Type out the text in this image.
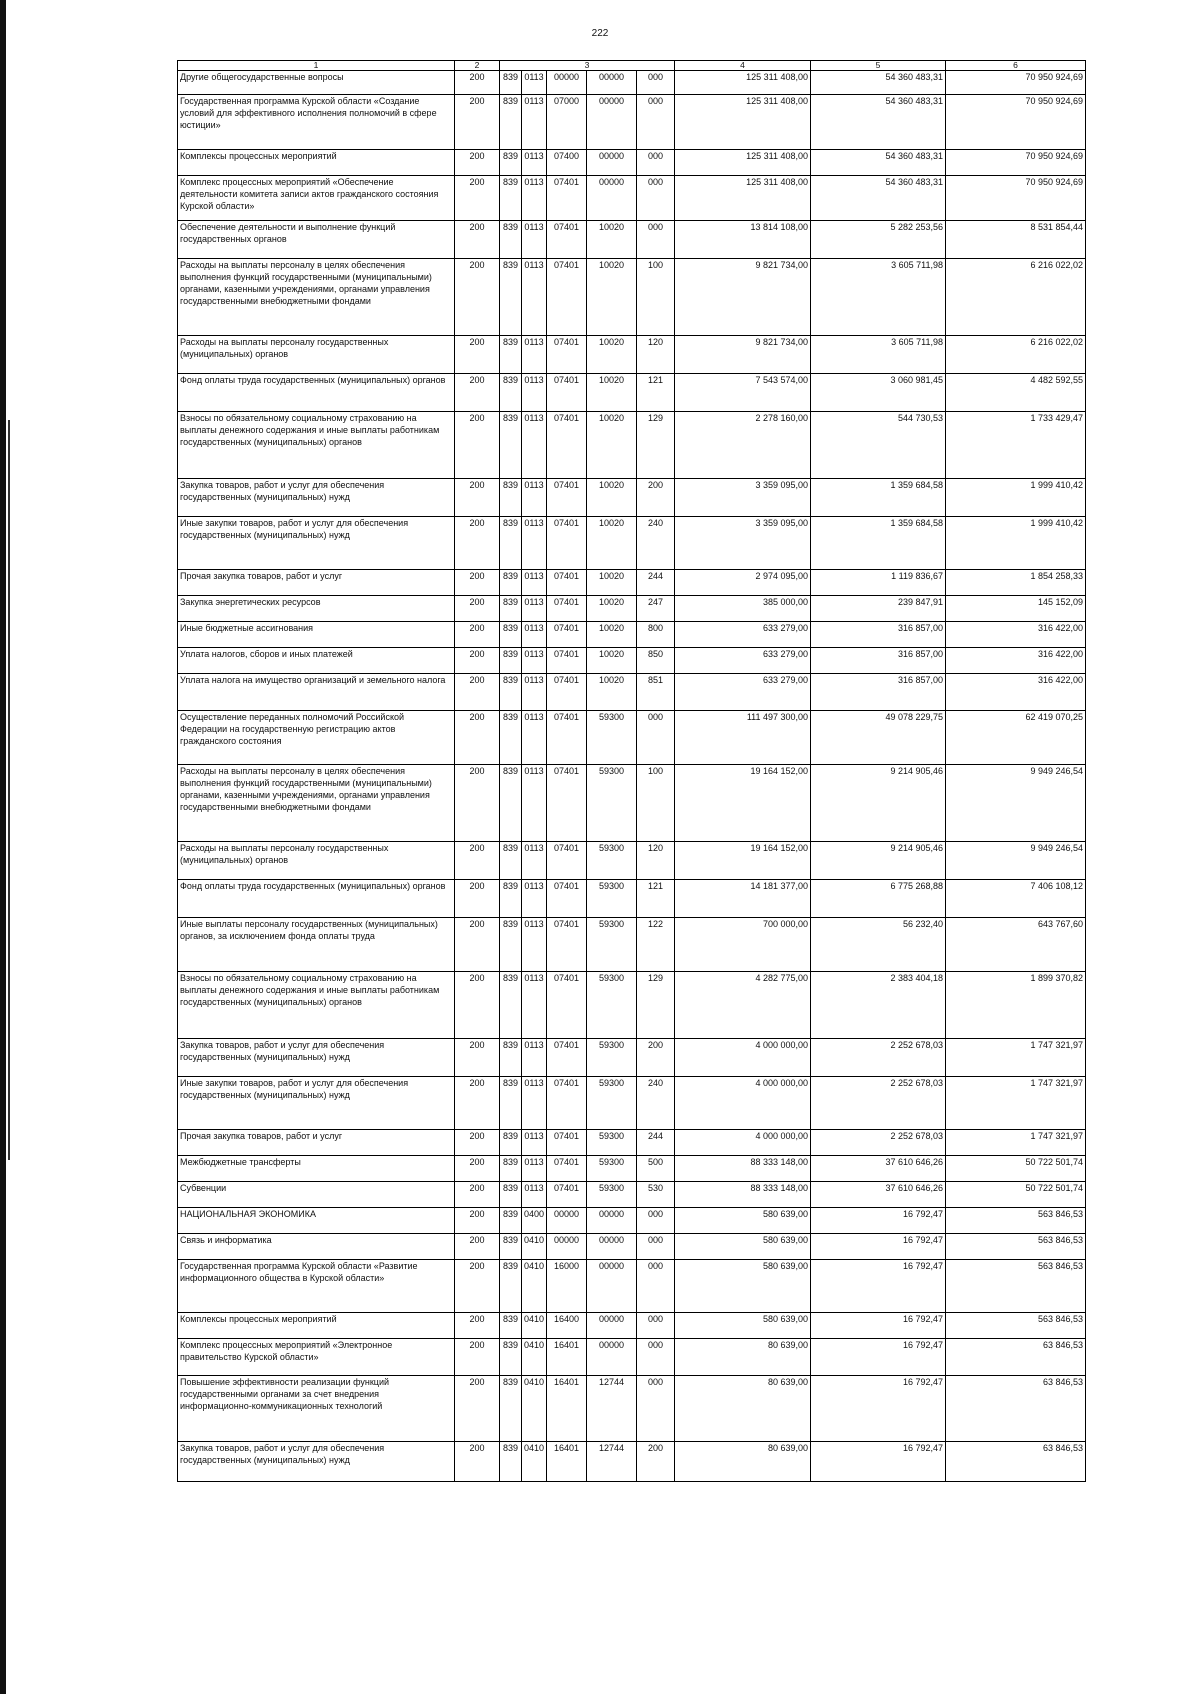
222
1	2	3					4	5	6
Другие общегосударственные вопросы	200	839	0113	00000	00000	000	125 311 408,00	54 360 483,31	70 950 924,69
Государственная программа Курской области «Создание условий для эффективного исполнения полномочий в сфере юстиции»	200	839	0113	07000	00000	000	125 311 408,00	54 360 483,31	70 950 924,69
Комплексы процессных мероприятий	200	839	0113	07400	00000	000	125 311 408,00	54 360 483,31	70 950 924,69
Комплекс процессных мероприятий «Обеспечение деятельности комитета записи актов гражданского состояния Курской области»	200	839	0113	07401	00000	000	125 311 408,00	54 360 483,31	70 950 924,69
Обеспечение деятельности и выполнение функций государственных органов	200	839	0113	07401	10020	000	13 814 108,00	5 282 253,56	8 531 854,44
Расходы на выплаты персоналу в целях обеспечения выполнения функций государственными (муниципальными) органами, казенными учреждениями, органами управления государственными внебюджетными фондами	200	839	0113	07401	10020	100	9 821 734,00	3 605 711,98	6 216 022,02
Расходы на выплаты персоналу государственных (муниципальных) органов	200	839	0113	07401	10020	120	9 821 734,00	3 605 711,98	6 216 022,02
Фонд оплаты труда государственных (муниципальных) органов	200	839	0113	07401	10020	121	7 543 574,00	3 060 981,45	4 482 592,55
Взносы по обязательному социальному страхованию на выплаты денежного содержания и иные выплаты работникам государственных (муниципальных) органов	200	839	0113	07401	10020	129	2 278 160,00	544 730,53	1 733 429,47
Закупка товаров, работ и услуг для обеспечения государственных (муниципальных) нужд	200	839	0113	07401	10020	200	3 359 095,00	1 359 684,58	1 999 410,42
Иные закупки товаров, работ и услуг для обеспечения государственных (муниципальных) нужд	200	839	0113	07401	10020	240	3 359 095,00	1 359 684,58	1 999 410,42
Прочая закупка товаров, работ и услуг	200	839	0113	07401	10020	244	2 974 095,00	1 119 836,67	1 854 258,33
Закупка энергетических ресурсов	200	839	0113	07401	10020	247	385 000,00	239 847,91	145 152,09
Иные бюджетные ассигнования	200	839	0113	07401	10020	800	633 279,00	316 857,00	316 422,00
Уплата налогов, сборов и иных платежей	200	839	0113	07401	10020	850	633 279,00	316 857,00	316 422,00
Уплата налога на имущество организаций и земельного налога	200	839	0113	07401	10020	851	633 279,00	316 857,00	316 422,00
Осуществление переданных полномочий Российской Федерации на государственную регистрацию актов гражданского состояния	200	839	0113	07401	59300	000	111 497 300,00	49 078 229,75	62 419 070,25
Расходы на выплаты персоналу в целях обеспечения выполнения функций государственными (муниципальными) органами, казенными учреждениями, органами управления государственными внебюджетными фондами	200	839	0113	07401	59300	100	19 164 152,00	9 214 905,46	9 949 246,54
Расходы на выплаты персоналу государственных (муниципальных) органов	200	839	0113	07401	59300	120	19 164 152,00	9 214 905,46	9 949 246,54
Фонд оплаты труда государственных (муниципальных) органов	200	839	0113	07401	59300	121	14 181 377,00	6 775 268,88	7 406 108,12
Иные выплаты персоналу государственных (муниципальных) органов, за исключением фонда оплаты труда	200	839	0113	07401	59300	122	700 000,00	56 232,40	643 767,60
Взносы по обязательному социальному страхованию на выплаты денежного содержания и иные выплаты работникам государственных (муниципальных) органов	200	839	0113	07401	59300	129	4 282 775,00	2 383 404,18	1 899 370,82
Закупка товаров, работ и услуг для обеспечения государственных (муниципальных) нужд	200	839	0113	07401	59300	200	4 000 000,00	2 252 678,03	1 747 321,97
Иные закупки товаров, работ и услуг для обеспечения государственных (муниципальных) нужд	200	839	0113	07401	59300	240	4 000 000,00	2 252 678,03	1 747 321,97
Прочая закупка товаров, работ и услуг	200	839	0113	07401	59300	244	4 000 000,00	2 252 678,03	1 747 321,97
Межбюджетные трансферты	200	839	0113	07401	59300	500	88 333 148,00	37 610 646,26	50 722 501,74
Субвенции	200	839	0113	07401	59300	530	88 333 148,00	37 610 646,26	50 722 501,74
НАЦИОНАЛЬНАЯ ЭКОНОМИКА	200	839	0400	00000	00000	000	580 639,00	16 792,47	563 846,53
Связь и информатика	200	839	0410	00000	00000	000	580 639,00	16 792,47	563 846,53
Государственная программа Курской области «Развитие информационного общества в Курской области»	200	839	0410	16000	00000	000	580 639,00	16 792,47	563 846,53
Комплексы процессных мероприятий	200	839	0410	16400	00000	000	580 639,00	16 792,47	563 846,53
Комплекс процессных мероприятий «Электронное правительство Курской области»	200	839	0410	16401	00000	000	80 639,00	16 792,47	63 846,53
Повышение эффективности реализации функций государственными органами за счет внедрения информационно-коммуникационных технологий	200	839	0410	16401	12744	000	80 639,00	16 792,47	63 846,53
Закупка товаров, работ и услуг для обеспечения государственных (муниципальных) нужд	200	839	0410	16401	12744	200	80 639,00	16 792,47	63 846,53
